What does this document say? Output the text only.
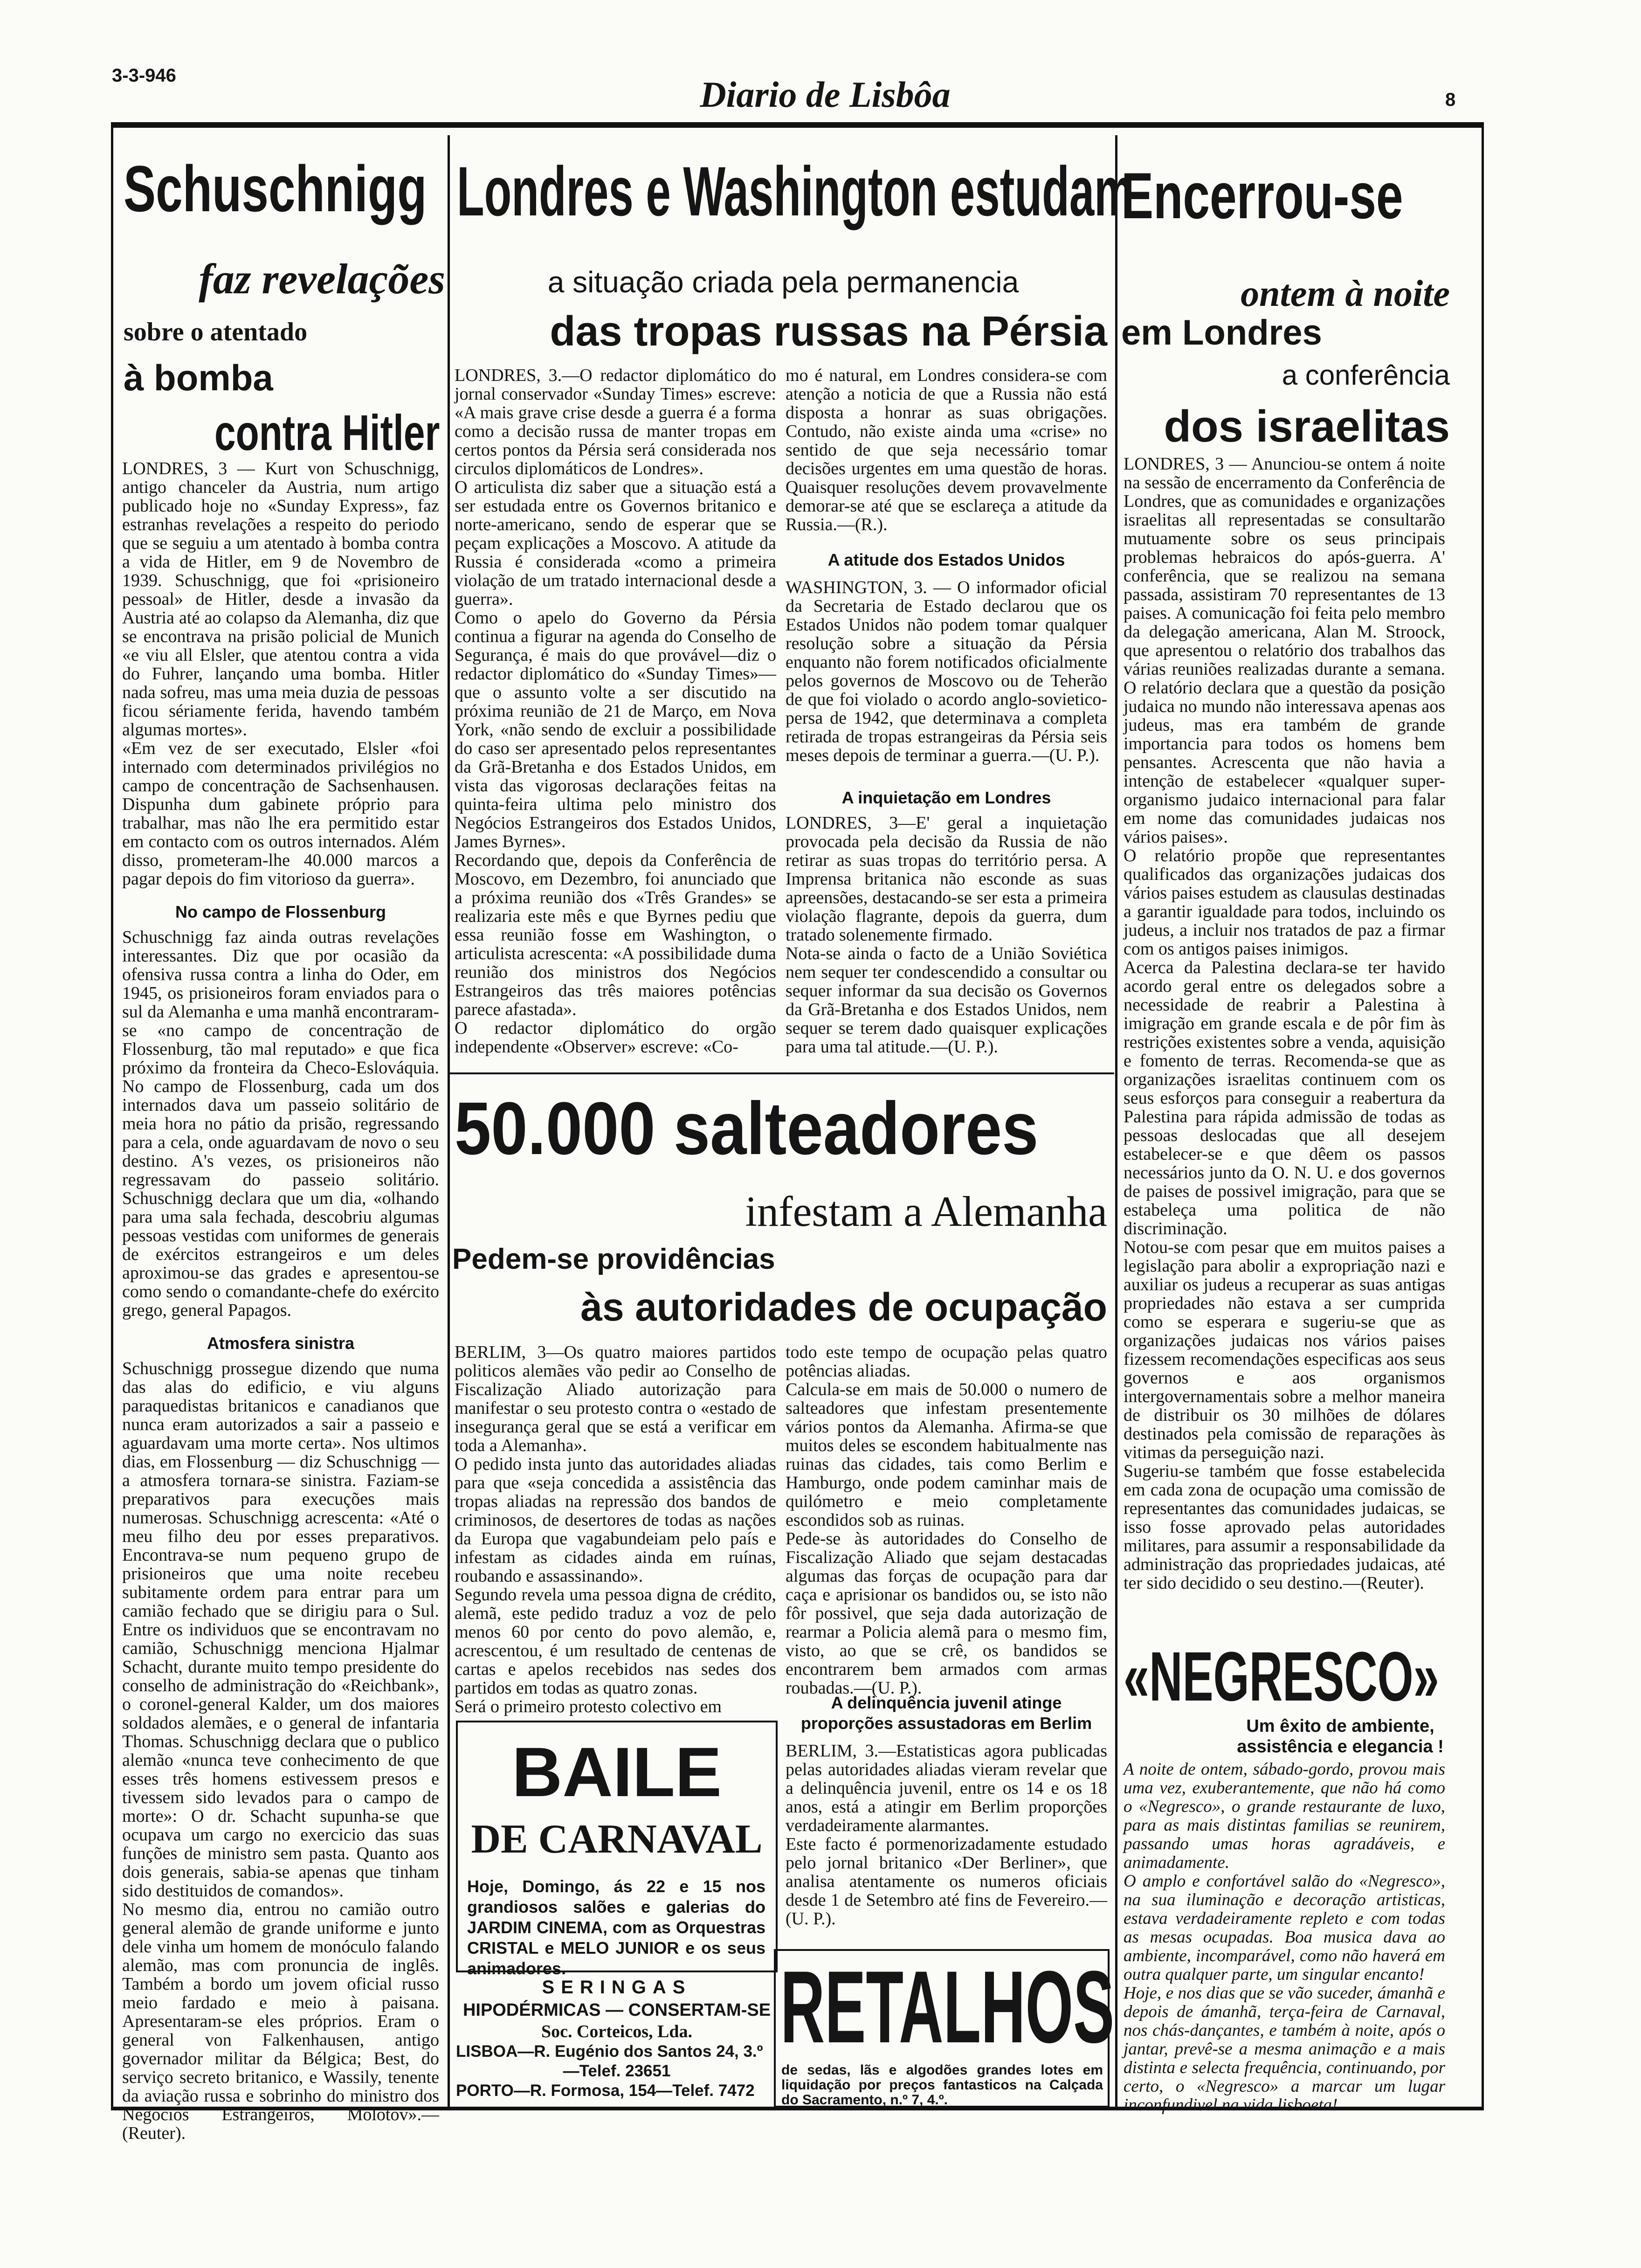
3-3-946	Diario de Lisbôa	8
Schuschnigg
faz revelações
sobre o atentado
à bomba
contra Hitler
LONDRES, 3 — Kurt von Schuschnigg, antigo chanceler da Austria, num artigo publicado hoje no «Sunday Express», faz estranhas revelações a respeito do periodo que se seguiu a um atentado à bomba contra a vida de Hitler, em 9 de Novembro de 1939. Schuschnigg, que foi «prisioneiro pessoal» de Hitler, desde a invasão da Austria até ao colapso da Alemanha, diz que se encontrava na prisão policial de Munich «e viu all Elsler, que atentou contra a vida do Fuhrer, lançando uma bomba. Hitler nada sofreu, mas uma meia duzia de pessoas ficou sériamente ferida, havendo também algumas mortes».
«Em vez de ser executado, Elsler «foi internado com determinados privilégios no campo de concentração de Sachsenhausen. Dispunha dum gabinete próprio para trabalhar, mas não lhe era permitido estar em contacto com os outros internados. Além disso, prometeram-lhe 40.000 marcos a pagar depois do fim vitorioso da guerra».
No campo de Flossenburg
Schuschnigg faz ainda outras revelações interessantes. Diz que por ocasião da ofensiva russa contra a linha do Oder, em 1945, os prisioneiros foram enviados para o sul da Alemanha e uma manhã encontraram-se «no campo de concentração de Flossenburg, tão mal reputado» e que fica próximo da fronteira da Checo-Eslováquia. No campo de Flossenburg, cada um dos internados dava um passeio solitário de meia hora no pátio da prisão, regressando para a cela, onde aguardavam de novo o seu destino. A's vezes, os prisioneiros não regressavam do passeio solitário. Schuschnigg declara que um dia, «olhando para uma sala fechada, descobriu algumas pessoas vestidas com uniformes de generais de exércitos estrangeiros e um deles aproximou-se das grades e apresentou-se como sendo o comandante-chefe do exército grego, general Papagos.
Atmosfera sinistra
Schuschnigg prossegue dizendo que numa das alas do edificio, e viu alguns paraquedistas britanicos e canadianos que nunca eram autorizados a sair a passeio e aguardavam uma morte certa». Nos ultimos dias, em Flossenburg — diz Schuschnigg — a atmosfera tornara-se sinistra. Faziam-se preparativos para execuções mais numerosas. Schuschnigg acrescenta: «Até o meu filho deu por esses preparativos. Encontrava-se num pequeno grupo de prisioneiros que uma noite recebeu subitamente ordem para entrar para um camião fechado que se dirigiu para o Sul. Entre os individuos que se encontravam no camião, Schuschnigg menciona Hjalmar Schacht, durante muito tempo presidente do conselho de administração do «Reichbank», o coronel-general Kalder, um dos maiores soldados alemães, e o general de infantaria Thomas. Schuschnigg declara que o publico alemão «nunca teve conhecimento de que esses três homens estivessem presos e tivessem sido levados para o campo de morte»: O dr. Schacht supunha-se que ocupava um cargo no exercicio das suas funções de ministro sem pasta. Quanto aos dois generais, sabia-se apenas que tinham sido destituidos de comandos».
No mesmo dia, entrou no camião outro general alemão de grande uniforme e junto dele vinha um homem de monóculo falando alemão, mas com pronuncia de inglês. Também a bordo um jovem oficial russo meio fardado e meio à paisana. Apresentaram-se eles próprios. Eram o general von Falkenhausen, antigo governador militar da Bélgica; Best, do serviço secreto britanico, e Wassily, tenente da aviação russa e sobrinho do ministro dos Negócios Estrangeiros, Molotov».— (Reuter).
Londres e Washington estudam
a situação criada pela permanencia
das tropas russas na Pérsia
LONDRES, 3.—O redactor diplomático do jornal conservador «Sunday Times» escreve: «A mais grave crise desde a guerra é a forma como a decisão russa de manter tropas em certos pontos da Pérsia será considerada nos circulos diplomáticos de Londres».
O articulista diz saber que a situação está a ser estudada entre os Governos britanico e norte-americano, sendo de esperar que se peçam explicações a Moscovo. A atitude da Russia é considerada «como a primeira violação de um tratado internacional desde a guerra».
Como o apelo do Governo da Pérsia continua a figurar na agenda do Conselho de Segurança, é mais do que provável—diz o redactor diplomático do «Sunday Times»—que o assunto volte a ser discutido na próxima reunião de 21 de Março, em Nova York, «não sendo de excluir a possibilidade do caso ser apresentado pelos representantes da Grã-Bretanha e dos Estados Unidos, em vista das vigorosas declarações feitas na quinta-feira ultima pelo ministro dos Negócios Estrangeiros dos Estados Unidos, James Byrnes».
Recordando que, depois da Conferência de Moscovo, em Dezembro, foi anunciado que a próxima reunião dos «Três Grandes» se realizaria este mês e que Byrnes pediu que essa reunião fosse em Washington, o articulista acrescenta: «A possibilidade duma reunião dos ministros dos Negócios Estrangeiros das três maiores potências parece afastada».
O redactor diplomático do orgão independente «Observer» escreve: «Co-
mo é natural, em Londres considera-se com atenção a noticia de que a Russia não está disposta a honrar as suas obrigações. Contudo, não existe ainda uma «crise» no sentido de que seja necessário tomar decisões urgentes em uma questão de horas. Quaisquer resoluções devem provavelmente demorar-se até que se esclareça a atitude da Russia.—(R.).
A atitude dos Estados Unidos
WASHINGTON, 3. — O informador oficial da Secretaria de Estado declarou que os Estados Unidos não podem tomar qualquer resolução sobre a situação da Pérsia enquanto não forem notificados oficialmente pelos governos de Moscovo ou de Teherão de que foi violado o acordo anglo-sovietico-persa de 1942, que determinava a completa retirada de tropas estrangeiras da Pérsia seis meses depois de terminar a guerra.—(U. P.).
A inquietação em Londres
LONDRES, 3—E' geral a inquietação provocada pela decisão da Russia de não retirar as suas tropas do território persa. A Imprensa britanica não esconde as suas apreensões, destacando-se ser esta a primeira violação flagrante, depois da guerra, dum tratado solenemente firmado.
Nota-se ainda o facto de a União Soviética nem sequer ter condescendido a consultar ou sequer informar da sua decisão os Governos da Grã-Bretanha e dos Estados Unidos, nem sequer se terem dado quaisquer explicações para uma tal atitude.—(U. P.).
50.000 salteadores
infestam a Alemanha
Pedem-se providências
às autoridades de ocupação
BERLIM, 3—Os quatro maiores partidos politicos alemães vão pedir ao Conselho de Fiscalização Aliado autorização para manifestar o seu protesto contra o «estado de insegurança geral que se está a verificar em toda a Alemanha».
O pedido insta junto das autoridades aliadas para que «seja concedida a assistência das tropas aliadas na repressão dos bandos de criminosos, de desertores de todas as nações da Europa que vagabundeiam pelo país e infestam as cidades ainda em ruínas, roubando e assassinando».
Segundo revela uma pessoa digna de crédito, alemã, este pedido traduz a voz de pelo menos 60 por cento do povo alemão, e, acrescentou, é um resultado de centenas de cartas e apelos recebidos nas sedes dos partidos em todas as quatro zonas.
Será o primeiro protesto colectivo em
todo este tempo de ocupação pelas quatro potências aliadas.
Calcula-se em mais de 50.000 o numero de salteadores que infestam presentemente vários pontos da Alemanha. Afirma-se que muitos deles se escondem habitualmente nas ruinas das cidades, tais como Berlim e Hamburgo, onde podem caminhar mais de quilómetro e meio completamente escondidos sob as ruinas.
Pede-se às autoridades do Conselho de Fiscalização Aliado que sejam destacadas algumas das forças de ocupação para dar caça e aprisionar os bandidos ou, se isto não fôr possivel, que seja dada autorização de rearmar a Policia alemã para o mesmo fim, visto, ao que se crê, os bandidos se encontrarem bem armados com armas roubadas.—(U. P.).
A delinquência juvenil atinge proporções assustadoras em Berlim
BERLIM, 3.—Estatisticas agora publicadas pelas autoridades aliadas vieram revelar que a delinquência juvenil, entre os 14 e os 18 anos, está a atingir em Berlim proporções verdadeiramente alarmantes.
Este facto é pormenorizadamente estudado pelo jornal britanico «Der Berliner», que analisa atentamente os numeros oficiais desde 1 de Setembro até fins de Fevereiro.—(U. P.).
BAILE
DE CARNAVAL
Hoje, Domingo, ás 22 e 15 nos grandiosos salões e galerias do JARDIM CINEMA, com as Orquestras CRISTAL e MELO JUNIOR e os seus animadores.
SERINGAS
HIPODÉRMICAS — CONSERTAM-SE
Soc. Corteicos, Lda.
LISBOA—R. Eugénio dos Santos 24, 3.º
—Telef. 23651
PORTO—R. Formosa, 154—Telef. 7472
RETALHOS
de sedas, lãs e algodões grandes lotes em liquidação por preços fantasticos na Calçada do Sacramento, n.º 7, 4.º.
Encerrou-se
ontem à noite
em Londres
a conferência
dos israelitas
LONDRES, 3 — Anunciou-se ontem á noite na sessão de encerramento da Conferência de Londres, que as comunidades e organizações israelitas all representadas se consultarão mutuamente sobre os seus principais problemas hebraicos do após-guerra. A' conferência, que se realizou na semana passada, assistiram 70 representantes de 13 paises. A comunicação foi feita pelo membro da delegação americana, Alan M. Stroock, que apresentou o relatório dos trabalhos das várias reuniões realizadas durante a semana. O relatório declara que a questão da posição judaica no mundo não interessava apenas aos judeus, mas era também de grande importancia para todos os homens bem pensantes. Acrescenta que não havia a intenção de estabelecer «qualquer super-organismo judaico internacional para falar em nome das comunidades judaicas nos vários paises».
O relatório propõe que representantes qualificados das organizações judaicas dos vários paises estudem as clausulas destinadas a garantir igualdade para todos, incluindo os judeus, a incluir nos tratados de paz a firmar com os antigos paises inimigos.
Acerca da Palestina declara-se ter havido acordo geral entre os delegados sobre a necessidade de reabrir a Palestina à imigração em grande escala e de pôr fim às restrições existentes sobre a venda, aquisição e fomento de terras. Recomenda-se que as organizações israelitas continuem com os seus esforços para conseguir a reabertura da Palestina para rápida admissão de todas as pessoas deslocadas que all desejem estabelecer-se e que dêem os passos necessários junto da O. N. U. e dos governos de paises de possivel imigração, para que se estabeleça uma politica de não discriminação.
Notou-se com pesar que em muitos paises a legislação para abolir a expropriação nazi e auxiliar os judeus a recuperar as suas antigas propriedades não estava a ser cumprida como se esperara e sugeriu-se que as organizações judaicas nos vários paises fizessem recomendações especificas aos seus governos e aos organismos intergovernamentais sobre a melhor maneira de distribuir os 30 milhões de dólares destinados pela comissão de reparações às vitimas da perseguição nazi.
Sugeriu-se também que fosse estabelecida em cada zona de ocupação uma comissão de representantes das comunidades judaicas, se isso fosse aprovado pelas autoridades militares, para assumir a responsabilidade da administração das propriedades judaicas, até ter sido decidido o seu destino.—(Reuter).
«NEGRESCO»
Um êxito de ambiente, assistência e elegancia !
A noite de ontem, sábado-gordo, provou mais uma vez, exuberantemente, que não há como o «Negresco», o grande restaurante de luxo, para as mais distintas familias se reunirem, passando umas horas agradáveis, e animadamente.
O amplo e confortável salão do «Negresco», na sua iluminação e decoração artisticas, estava verdadeiramente repleto e com todas as mesas ocupadas. Boa musica dava ao ambiente, incomparável, como não haverá em outra qualquer parte, um singular encanto!
Hoje, e nos dias que se vão suceder, ámanhã e depois de ámanhã, terça-feira de Carnaval, nos chás-dançantes, e também à noite, após o jantar, prevê-se a mesma animação e a mais distinta e selecta frequência, continuando, por certo, o «Negresco» a marcar um lugar inconfundivel na vida lisboeta!
